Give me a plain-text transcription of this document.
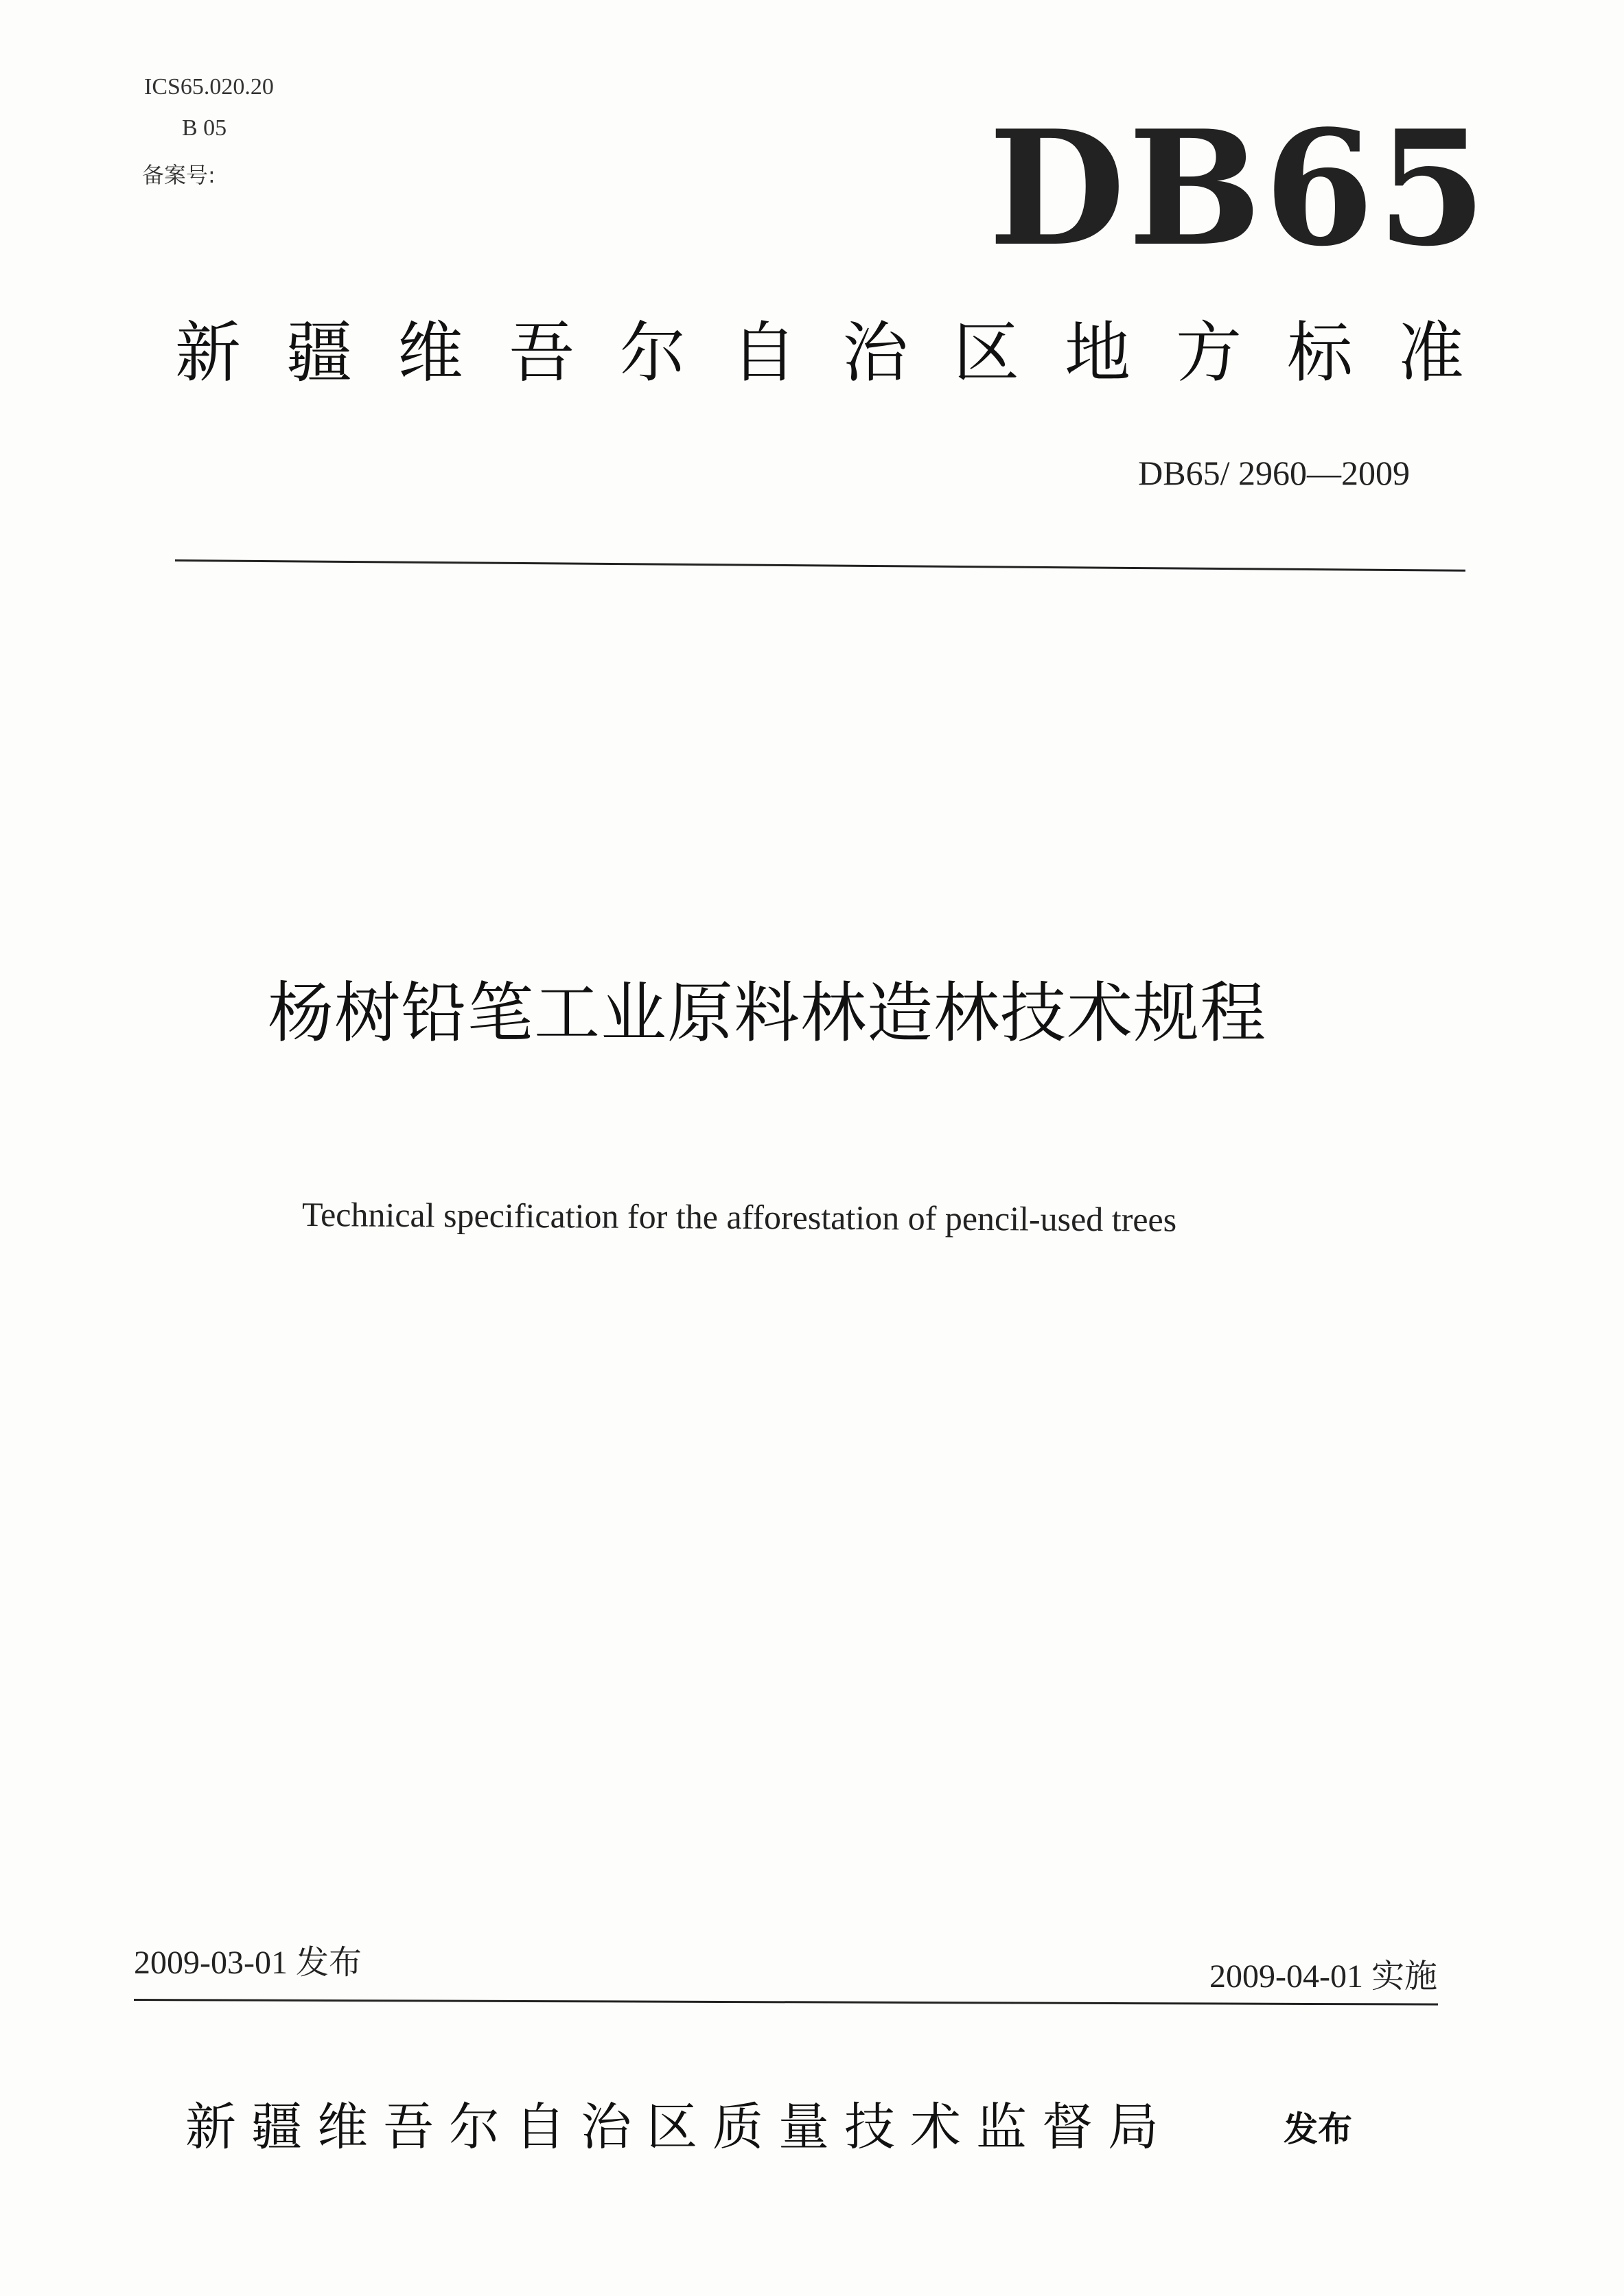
ICS65.020.20
B 05
备案号:	DB65
新疆维吾尔自治区地方标准
DB65/ 2960—2009
杨树铅笔工业原料林造林技术规程
Technical specification for the afforestation of pencil-used trees
2009-03-01 发布	2009-04-01 实施
新疆维吾尔自治区质量技术监督局	发布
